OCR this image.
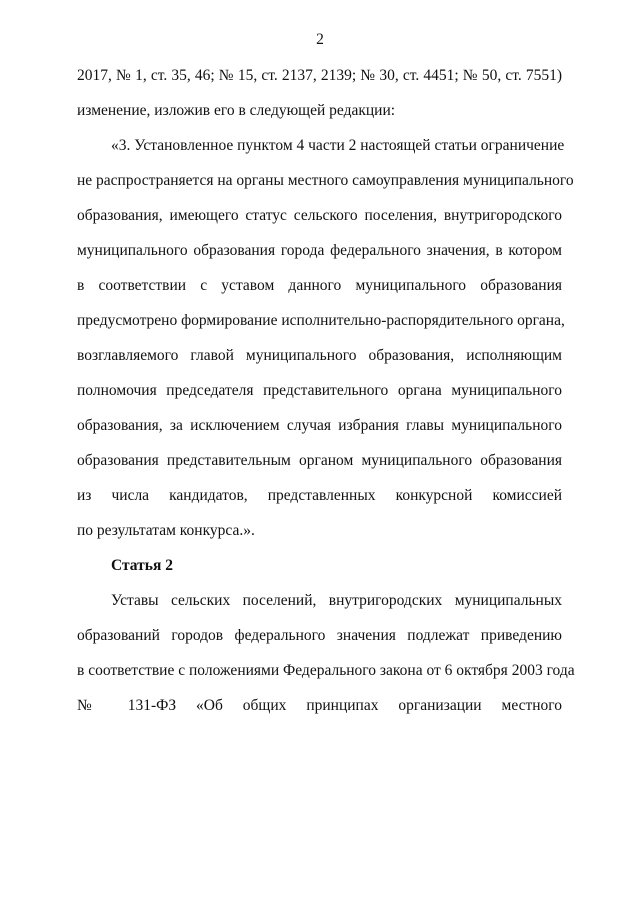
2
2017, № 1, ст. 35, 46; № 15, ст. 2137, 2139; № 30, ст. 4451; № 50, ст. 7551)
изменение, изложив его в следующей редакции:
«3. Установленное пунктом 4 части 2 настоящей статьи ограничение
не распространяется на органы местного самоуправления муниципального
образования, имеющего статус сельского поселения, внутригородского
муниципального образования города федерального значения, в котором
в соответствии с уставом данного муниципального образования
предусмотрено формирование исполнительно-распорядительного органа,
возглавляемого главой муниципального образования, исполняющим
полномочия председателя представительного органа муниципального
образования, за исключением случая избрания главы муниципального
образования представительным органом муниципального образования
из числа кандидатов, представленных конкурсной комиссией
по результатам конкурса.».
Статья 2
Уставы сельских поселений, внутригородских муниципальных
образований городов федерального значения подлежат приведению
в соответствие с положениями Федерального закона от 6 октября 2003 года
№ 131-ФЗ «Об общих принципах организации местного
